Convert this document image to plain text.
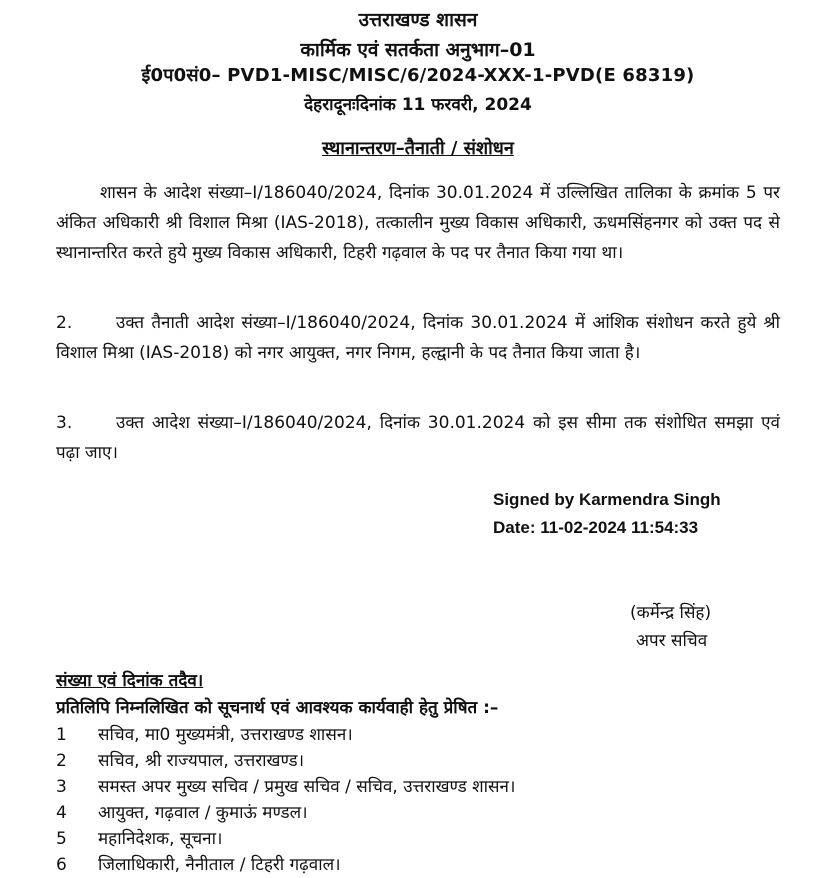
उत्तराखण्ड शासन
कार्मिक एवं सतर्कता अनुभाग–01
ई0प0सं0– PVD1-MISC/MISC/6/2024-XXX-1-PVD(E 68319)
देहरादूनःदिनांक 11 फरवरी, 2024
स्थानान्तरण–तैनाती / संशोधन
शासन के आदेश संख्या–I/186040/2024, दिनांक 30.01.2024 में उल्लिखित तालिका के क्रमांक 5 पर अंकित अधिकारी श्री विशाल मिश्रा (IAS-2018), तत्कालीन मुख्य विकास अधिकारी, ऊधमसिंहनगर को उक्त पद से स्थानान्तरित करते हुये मुख्य विकास अधिकारी, टिहरी गढ़वाल के पद पर तैनात किया गया था।
2.	उक्त तैनाती आदेश संख्या–I/186040/2024, दिनांक 30.01.2024 में आंशिक संशोधन करते हुये श्री विशाल मिश्रा (IAS-2018) को नगर आयुक्त, नगर निगम, हल्द्वानी के पद तैनात किया जाता है।
3.	उक्त आदेश संख्या–I/186040/2024, दिनांक 30.01.2024 को इस सीमा तक संशोधित समझा एवं पढ़ा जाए।
Signed by Karmendra Singh
Date: 11-02-2024 11:54:33
(कर्मेन्द्र सिंह)
अपर सचिव
संख्या एवं दिनांक तदैव।
प्रतिलिपि निम्नलिखित को सूचनार्थ एवं आवश्यक कार्यवाही हेतु प्रेषित :–
1 सचिव, मा0 मुख्यमंत्री, उत्तराखण्ड शासन।
2 सचिव, श्री राज्यपाल, उत्तराखण्ड।
3 समस्त अपर मुख्य सचिव / प्रमुख सचिव / सचिव, उत्तराखण्ड शासन।
4 आयुक्त, गढ़वाल / कुमाऊं मण्डल।
5 महानिदेशक, सूचना।
6 जिलाधिकारी, नैनीताल / टिहरी गढ़वाल।
